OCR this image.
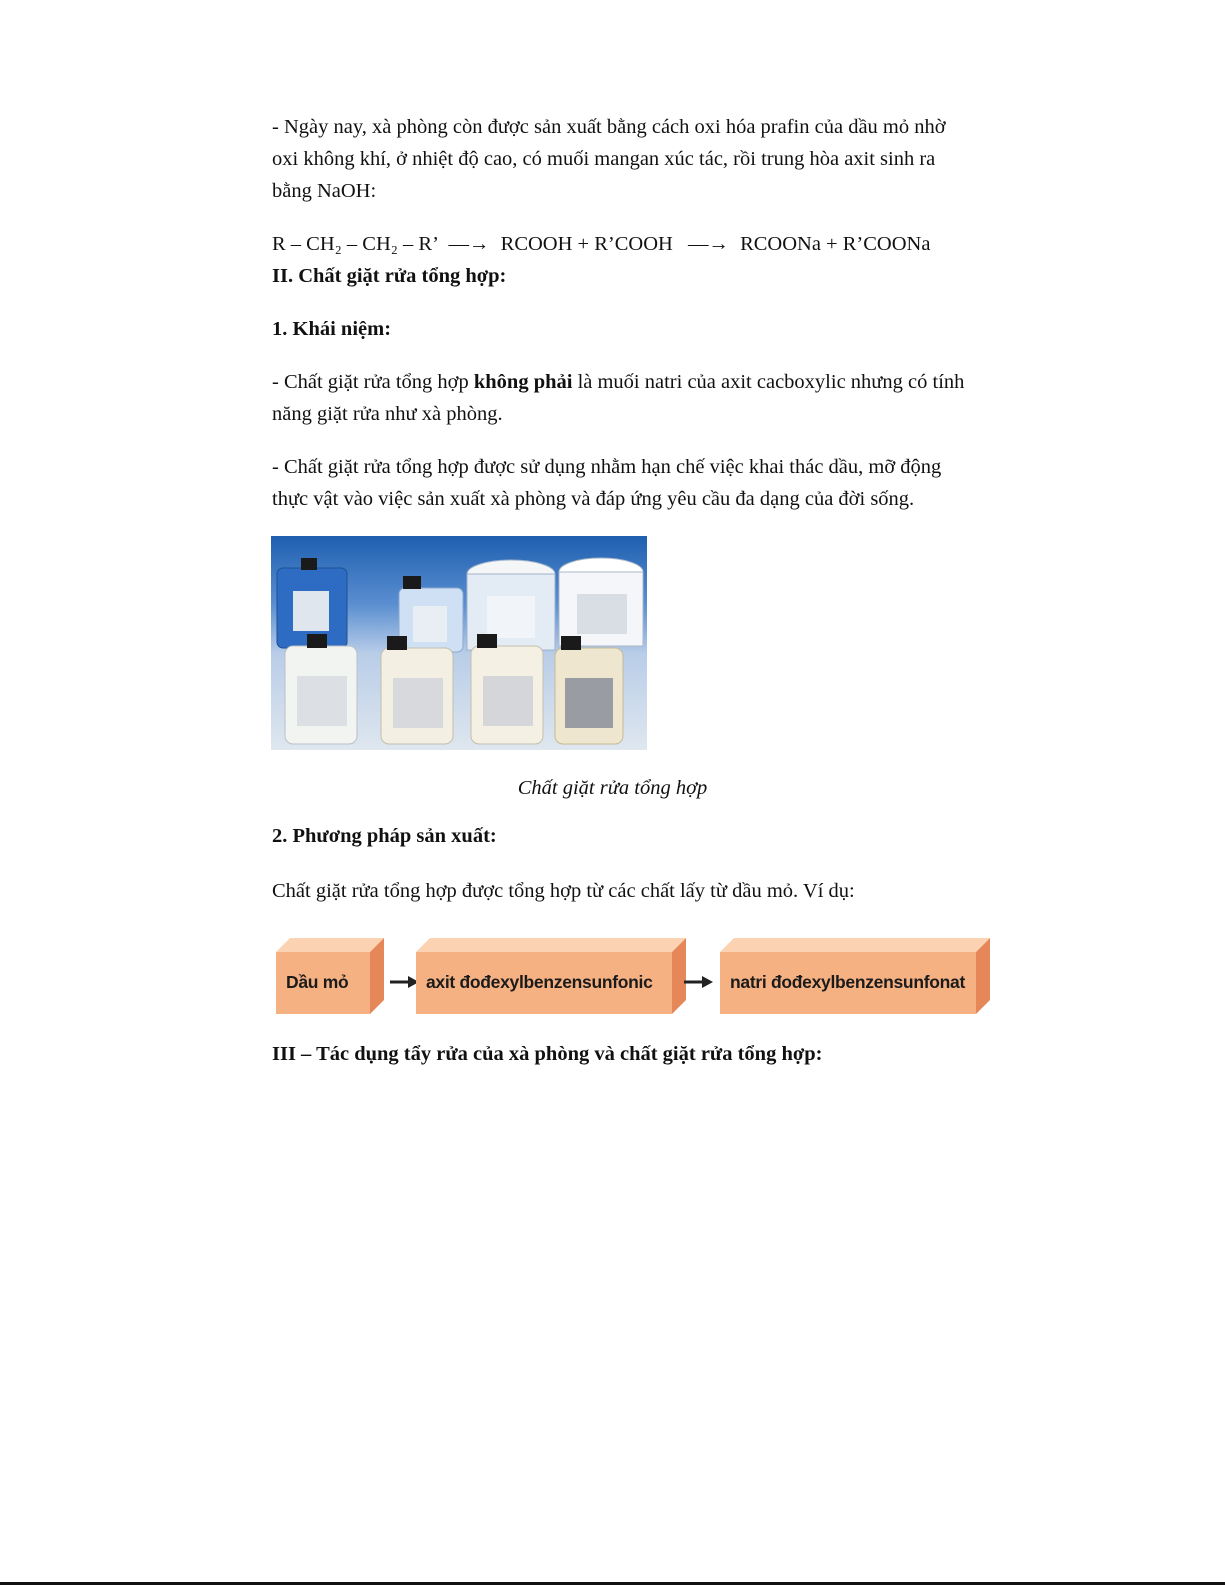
- Ngày nay, xà phòng còn được sản xuất bằng cách oxi hóa prafin của dầu mỏ nhờ

oxi không khí, ở nhiệt độ cao, có muối mangan xúc tác, rồi trung hòa axit sinh ra

bằng NaOH:

R – CH₂ – CH₂ – R’ —→ RCOOH + R’COOH —→ RCOONa + R’COONa

II. Chất giặt rửa tổng hợp:
1. Khái niệm:

- Chất giặt rửa tổng hợp không phải là muối natri của axit cacboxylic nhưng có tính

năng giặt rửa như xà phòng.

- Chất giặt rửa tổng hợp được sử dụng nhằm hạn chế việc khai thác dầu, mỡ động

thực vật vào việc sản xuất xà phòng và đáp ứng yêu cầu đa dạng của đời sống.

Chất giặt rửa tổng hợp

2. Phương pháp sản xuất:

Chất giặt rửa tổng hợp được tổng hợp từ các chất lấy từ dầu mỏ. Ví dụ:

Dầu mỏ	axit đođexylbenzensunfonic	natri đođexylbenzensunfonat
III – Tác dụng tẩy rửa của xà phòng và chất giặt rửa tổng hợp:
